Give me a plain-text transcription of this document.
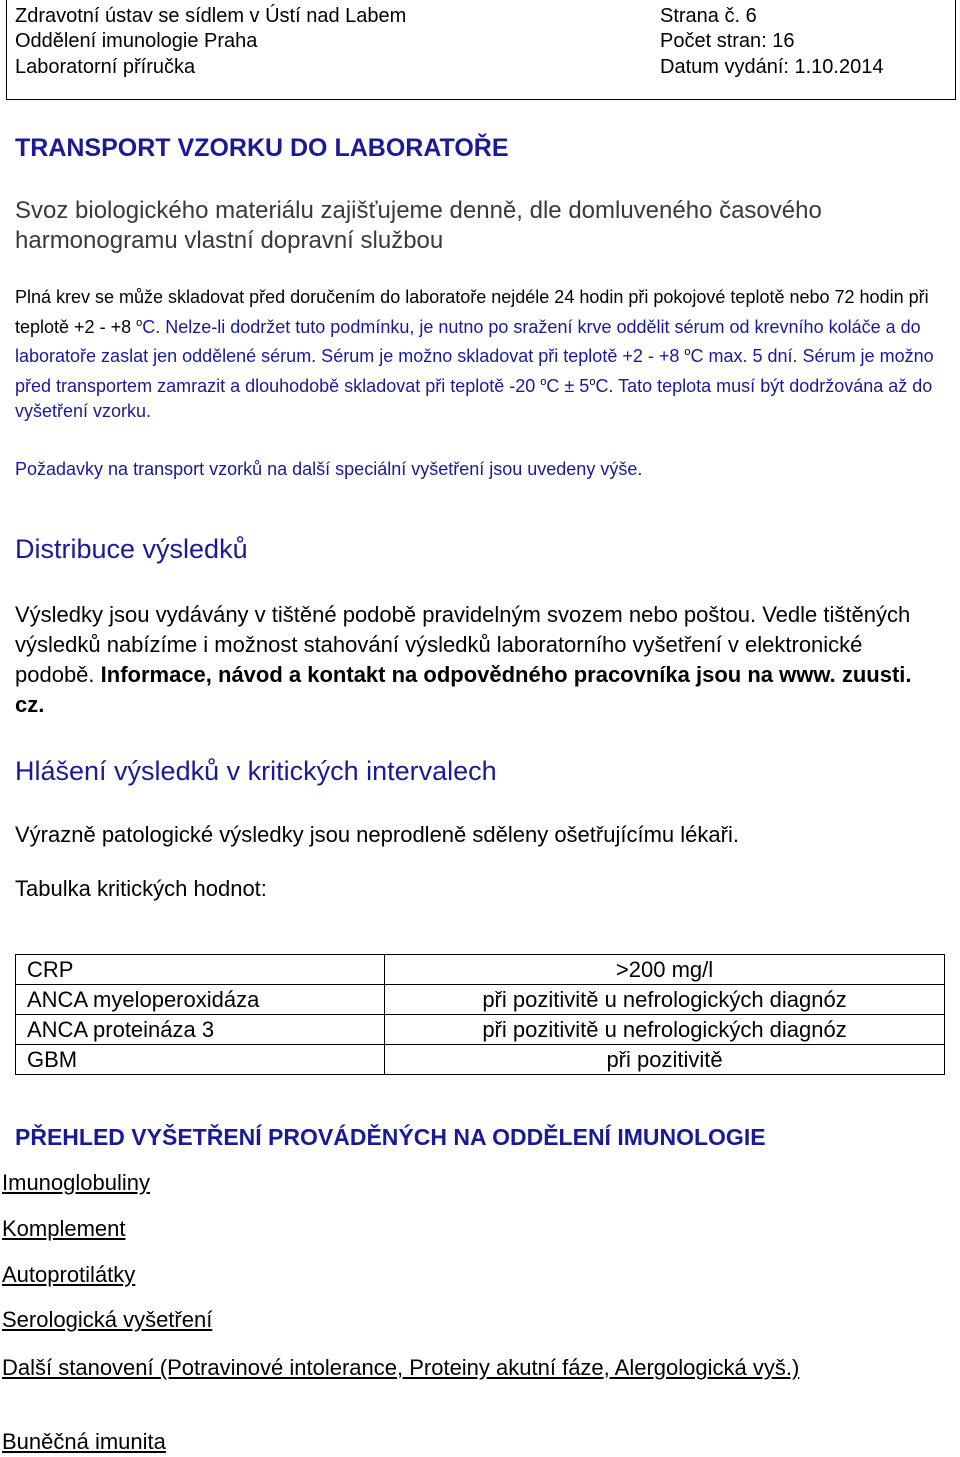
Zdravotní ústav se sídlem v Ústí nad Labem
Oddělení imunologie Praha
Laboratorní příručka
Strana č. 6
Počet stran: 16
Datum vydání: 1.10.2014
TRANSPORT VZORKU DO LABORATOŘE
Svoz biologického materiálu zajišťujeme denně, dle domluveného časového harmonogramu vlastní dopravní službou
Plná krev se může skladovat před doručením do laboratoře nejdéle 24 hodin při pokojové teplotě nebo 72 hodin při teplotě +2 - +8 $^o$C. Nelze-li dodržet tuto podmínku, je nutno po sražení krve oddělit sérum od krevního koláče a do laboratoře zaslat jen oddělené sérum. Sérum je možno skladovat při teplotě +2 - +8 $^o$C max. 5 dní. Sérum je možno před transportem zamrazit a dlouhodobě skladovat při teplotě -20 $^oC \pm 5^oC$. Tato teplota musí být dodržována až do vyšetření vzorku.
Požadavky na transport vzorků na další speciální vyšetření jsou uvedeny výše.
Distribuce výsledků
Výsledky jsou vydávány v tištěné podobě pravidelným svozem nebo poštou. Vedle tištěných výsledků nabízíme i možnost stahování výsledků laboratorního vyšetření v elektronické podobě. Informace, návod a kontakt na odpovědného pracovníka jsou na www. zuusti. cz.
Hlášení výsledků v kritických intervalech
Výrazně patologické výsledky jsou neprodleně sděleny ošetřujícímu lékaři.
Tabulka kritických hodnot:
CRP	>200 mg/l
ANCA myeloperoxidáza	při pozitivitě u nefrologických diagnóz
ANCA proteináza 3	při pozitivitě u nefrologických diagnóz
GBM	při pozitivitě
PŘEHLED VYŠETŘENÍ PROVÁDĚNÝCH NA ODDĚLENÍ IMUNOLOGIE
Imunoglobuliny
Komplement
Autoprotilátky
Serologická vyšetření
Další stanovení (Potravinové intolerance, Proteiny akutní fáze, Alergologická vyš.)
Buněčná imunita
